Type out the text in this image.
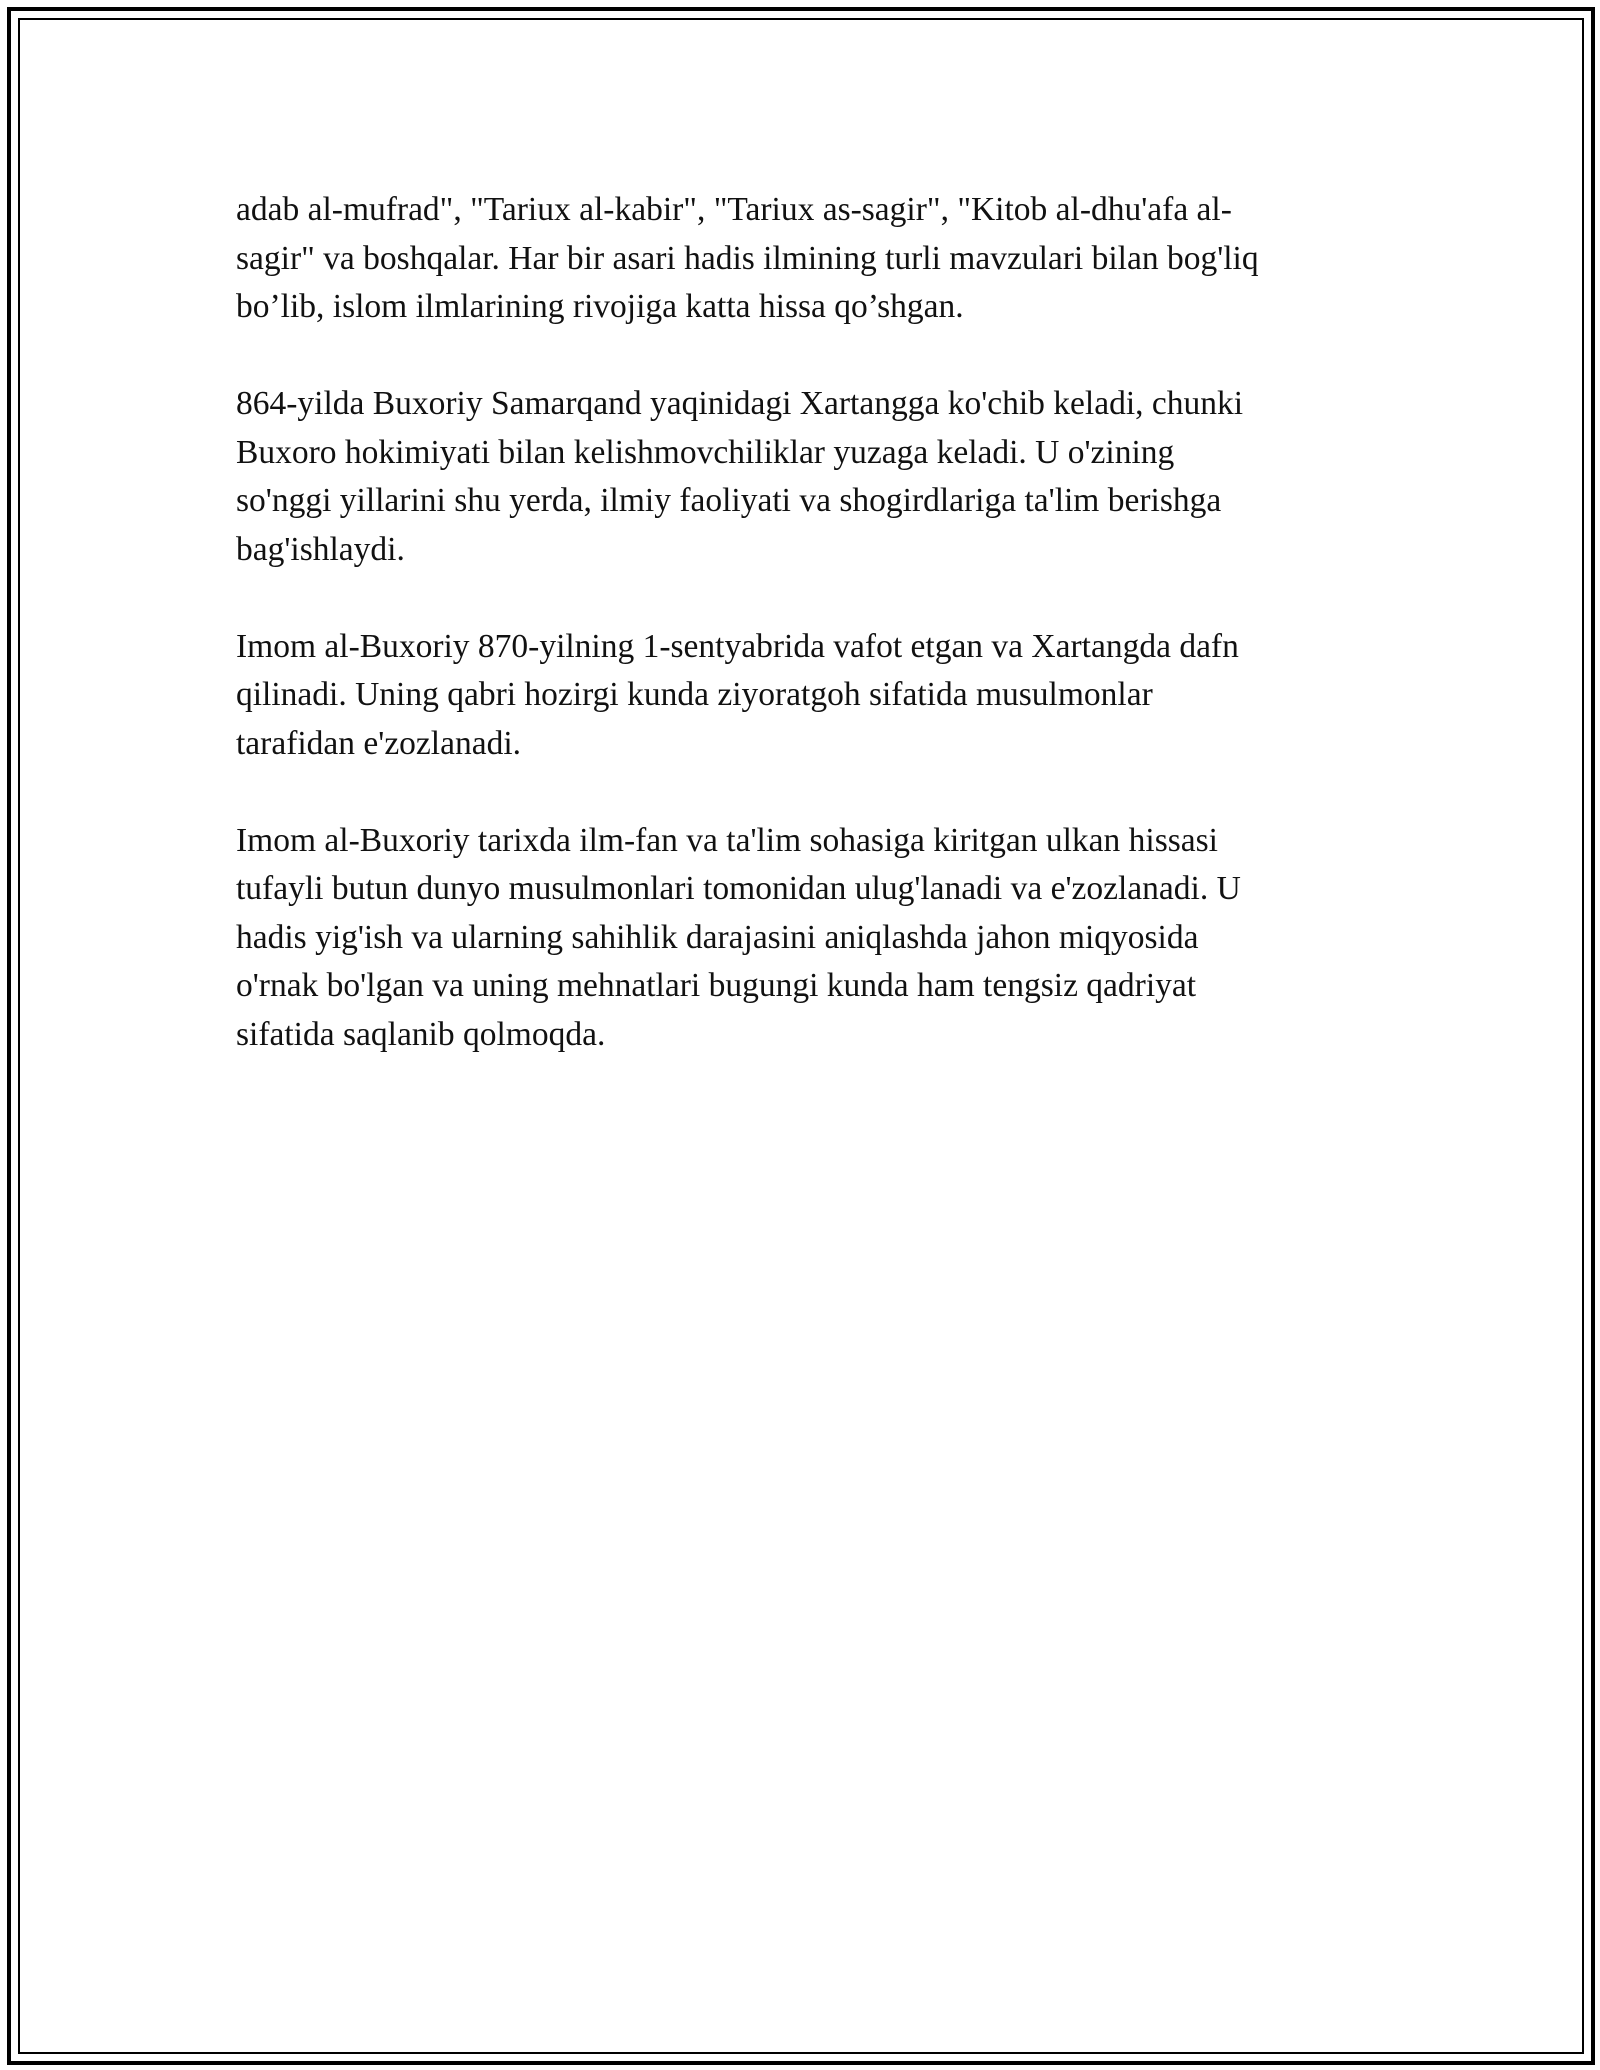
adab al-mufrad", "Tariux al-kabir", "Tariux as-sagir", "Kitob al-dhu'afa al-
sagir" va boshqalar. Har bir asari hadis ilmining turli mavzulari bilan bog'liq
bo’lib, islom ilmlarining rivojiga katta hissa qo’shgan.

864-yilda Buxoriy Samarqand yaqinidagi Xartangga ko'chib keladi, chunki
Buxoro hokimiyati bilan kelishmovchiliklar yuzaga keladi. U o'zining
so'nggi yillarini shu yerda, ilmiy faoliyati va shogirdlariga ta'lim berishga
bag'ishlaydi.

Imom al-Buxoriy 870-yilning 1-sentyabrida vafot etgan va Xartangda dafn
qilinadi. Uning qabri hozirgi kunda ziyoratgoh sifatida musulmonlar
tarafidan e'zozlanadi.

Imom al-Buxoriy tarixda ilm-fan va ta'lim sohasiga kiritgan ulkan hissasi
tufayli butun dunyo musulmonlari tomonidan ulug'lanadi va e'zozlanadi. U
hadis yig'ish va ularning sahihlik darajasini aniqlashda jahon miqyosida
o'rnak bo'lgan va uning mehnatlari bugungi kunda ham tengsiz qadriyat
sifatida saqlanib qolmoqda.
